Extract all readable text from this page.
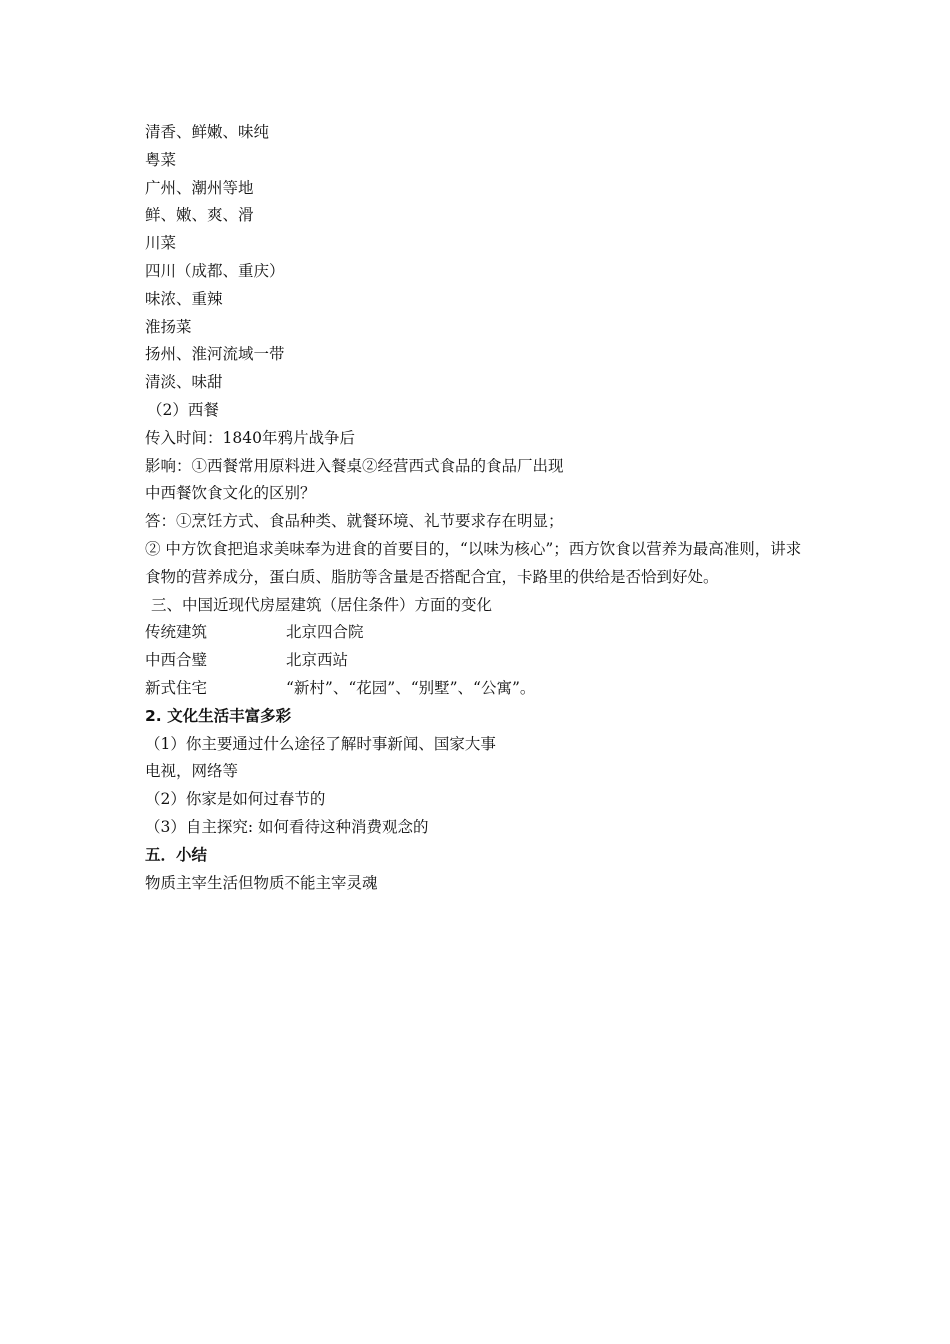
清香、鲜嫩、味纯
粤菜
广州、潮州等地
鲜、嫩、爽、滑
川菜
四川（成都、重庆）
味浓、重辣
淮扬菜
扬州、淮河流域一带
清淡、味甜
（2）西餐
传入时间：1840年鸦片战争后
影响：①西餐常用原料进入餐桌②经营西式食品的食品厂出现
中西餐饮食文化的区别？
答：①烹饪方式、食品种类、就餐环境、礼节要求存在明显；
② 中方饮食把追求美味奉为进食的首要目的，“以味为核心”；西方饮食以营养为最高准则，讲求食物的营养成分，蛋白质、脂肪等含量是否搭配合宜，卡路里的供给是否恰到好处。
三、中国近现代房屋建筑（居住条件）方面的变化
传统建筑	北京四合院
中西合璧	北京西站
新式住宅	“新村”、“花园”、“别墅”、“公寓”。
2. 文化生活丰富多彩
（1）你主要通过什么途径了解时事新闻、国家大事
电视，网络等
（2）你家是如何过春节的
（3）自主探究: 如何看待这种消费观念的
五．小结
物质主宰生活但物质不能主宰灵魂
